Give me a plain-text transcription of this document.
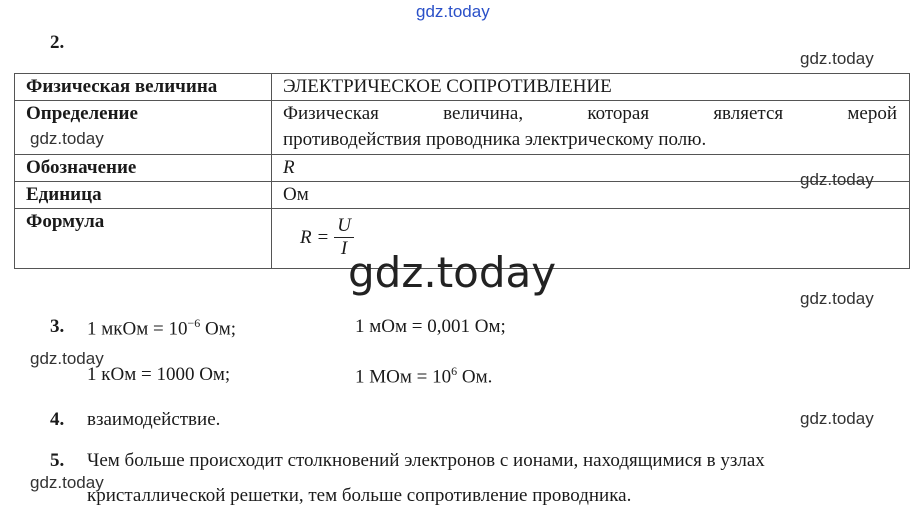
gdz.today
gdz.today
2.
Физическая величина	ЭЛЕКТРИЧЕСКОЕ СОПРОТИВЛЕНИЕ
Определение	Физическая	величина,	которая	является	мерой
противодействия проводника электрическому полю.
Обозначение	R
Единица	Ом
Формула
$R = \frac{U}{I}$
gdz.today
gdz.today
gdz.today
gdz.today
3. 1 мкОм = $10^{-6}$ Ом;	1 мОм = 0,001 Ом;
gdz.today
1 кОм = 1000 Ом;	1 МОм = $10^6$ Ом.
4. взаимодействие.	gdz.today
5. Чем больше происходит столкновений электронов с ионами, находящимися в узлах
gdz.today
кристаллической решетки, тем больше сопротивление проводника.
